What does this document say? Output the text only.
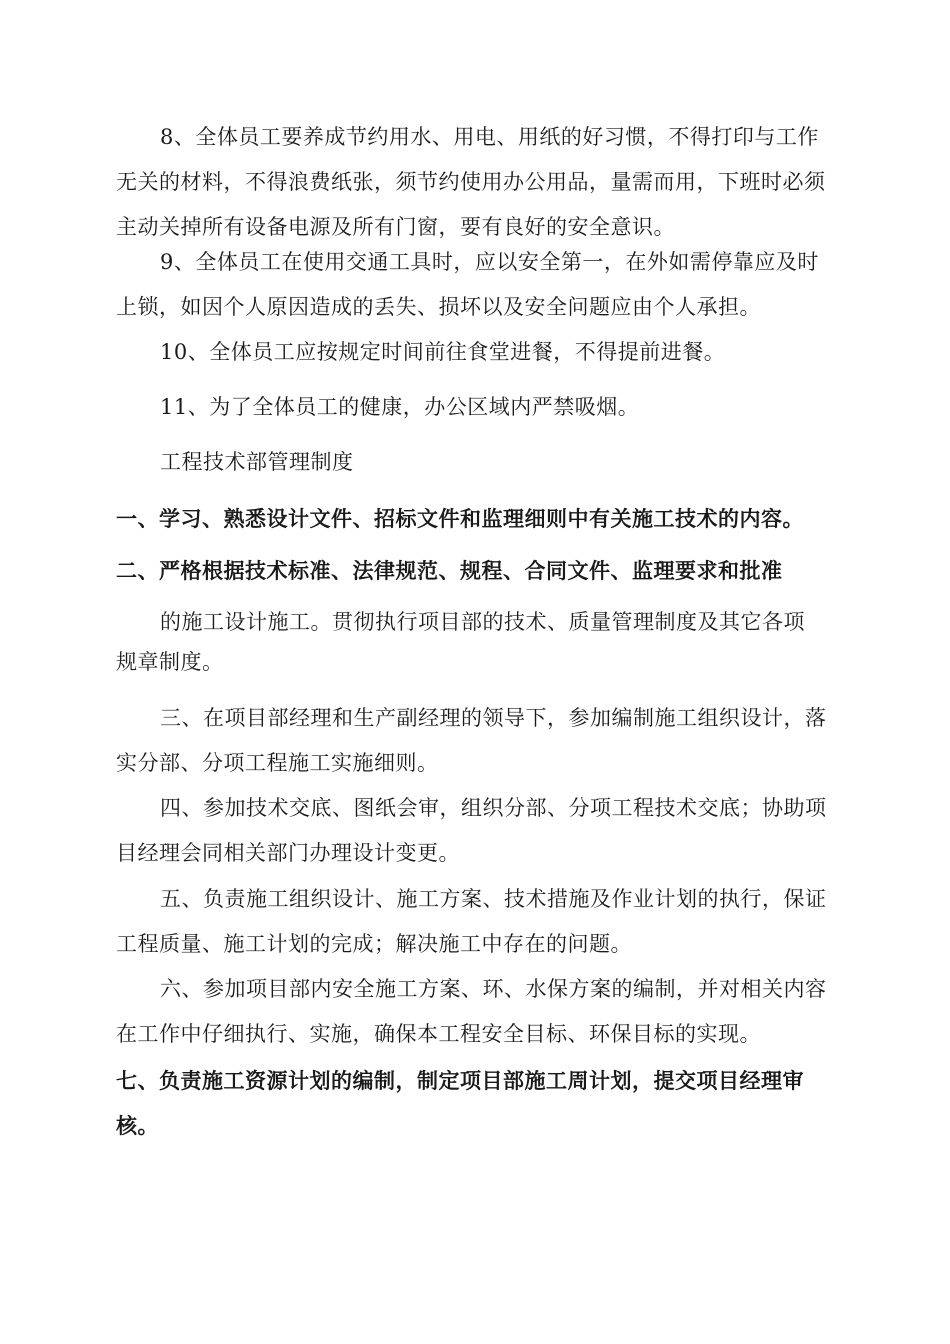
8、全体员工要养成节约用水、用电、用纸的好习惯，不得打印与工作无关的材料，不得浪费纸张，须节约使用办公用品，量需而用，下班时必须主动关掉所有设备电源及所有门窗，要有良好的安全意识。

9、全体员工在使用交通工具时，应以安全第一，在外如需停靠应及时上锁，如因个人原因造成的丢失、损坏以及安全问题应由个人承担。

10、全体员工应按规定时间前往食堂进餐，不得提前进餐。

11、为了全体员工的健康，办公区域内严禁吸烟。

工程技术部管理制度

一、学习、熟悉设计文件、招标文件和监理细则中有关施工技术的内容。

二、严格根据技术标准、法律规范、规程、合同文件、监理要求和批准

的施工设计施工。贯彻执行项目部的技术、质量管理制度及其它各项

规章制度。

三、在项目部经理和生产副经理的领导下，参加编制施工组织设计，落实分部、分项工程施工实施细则。

四、参加技术交底、图纸会审，组织分部、分项工程技术交底；协助项目经理会同相关部门办理设计变更。

五、负责施工组织设计、施工方案、技术措施及作业计划的执行，保证工程质量、施工计划的完成；解决施工中存在的问题。

六、参加项目部内安全施工方案、环、水保方案的编制，并对相关内容在工作中仔细执行、实施，确保本工程安全目标、环保目标的实现。

七、负责施工资源计划的编制，制定项目部施工周计划，提交项目经理审核。
